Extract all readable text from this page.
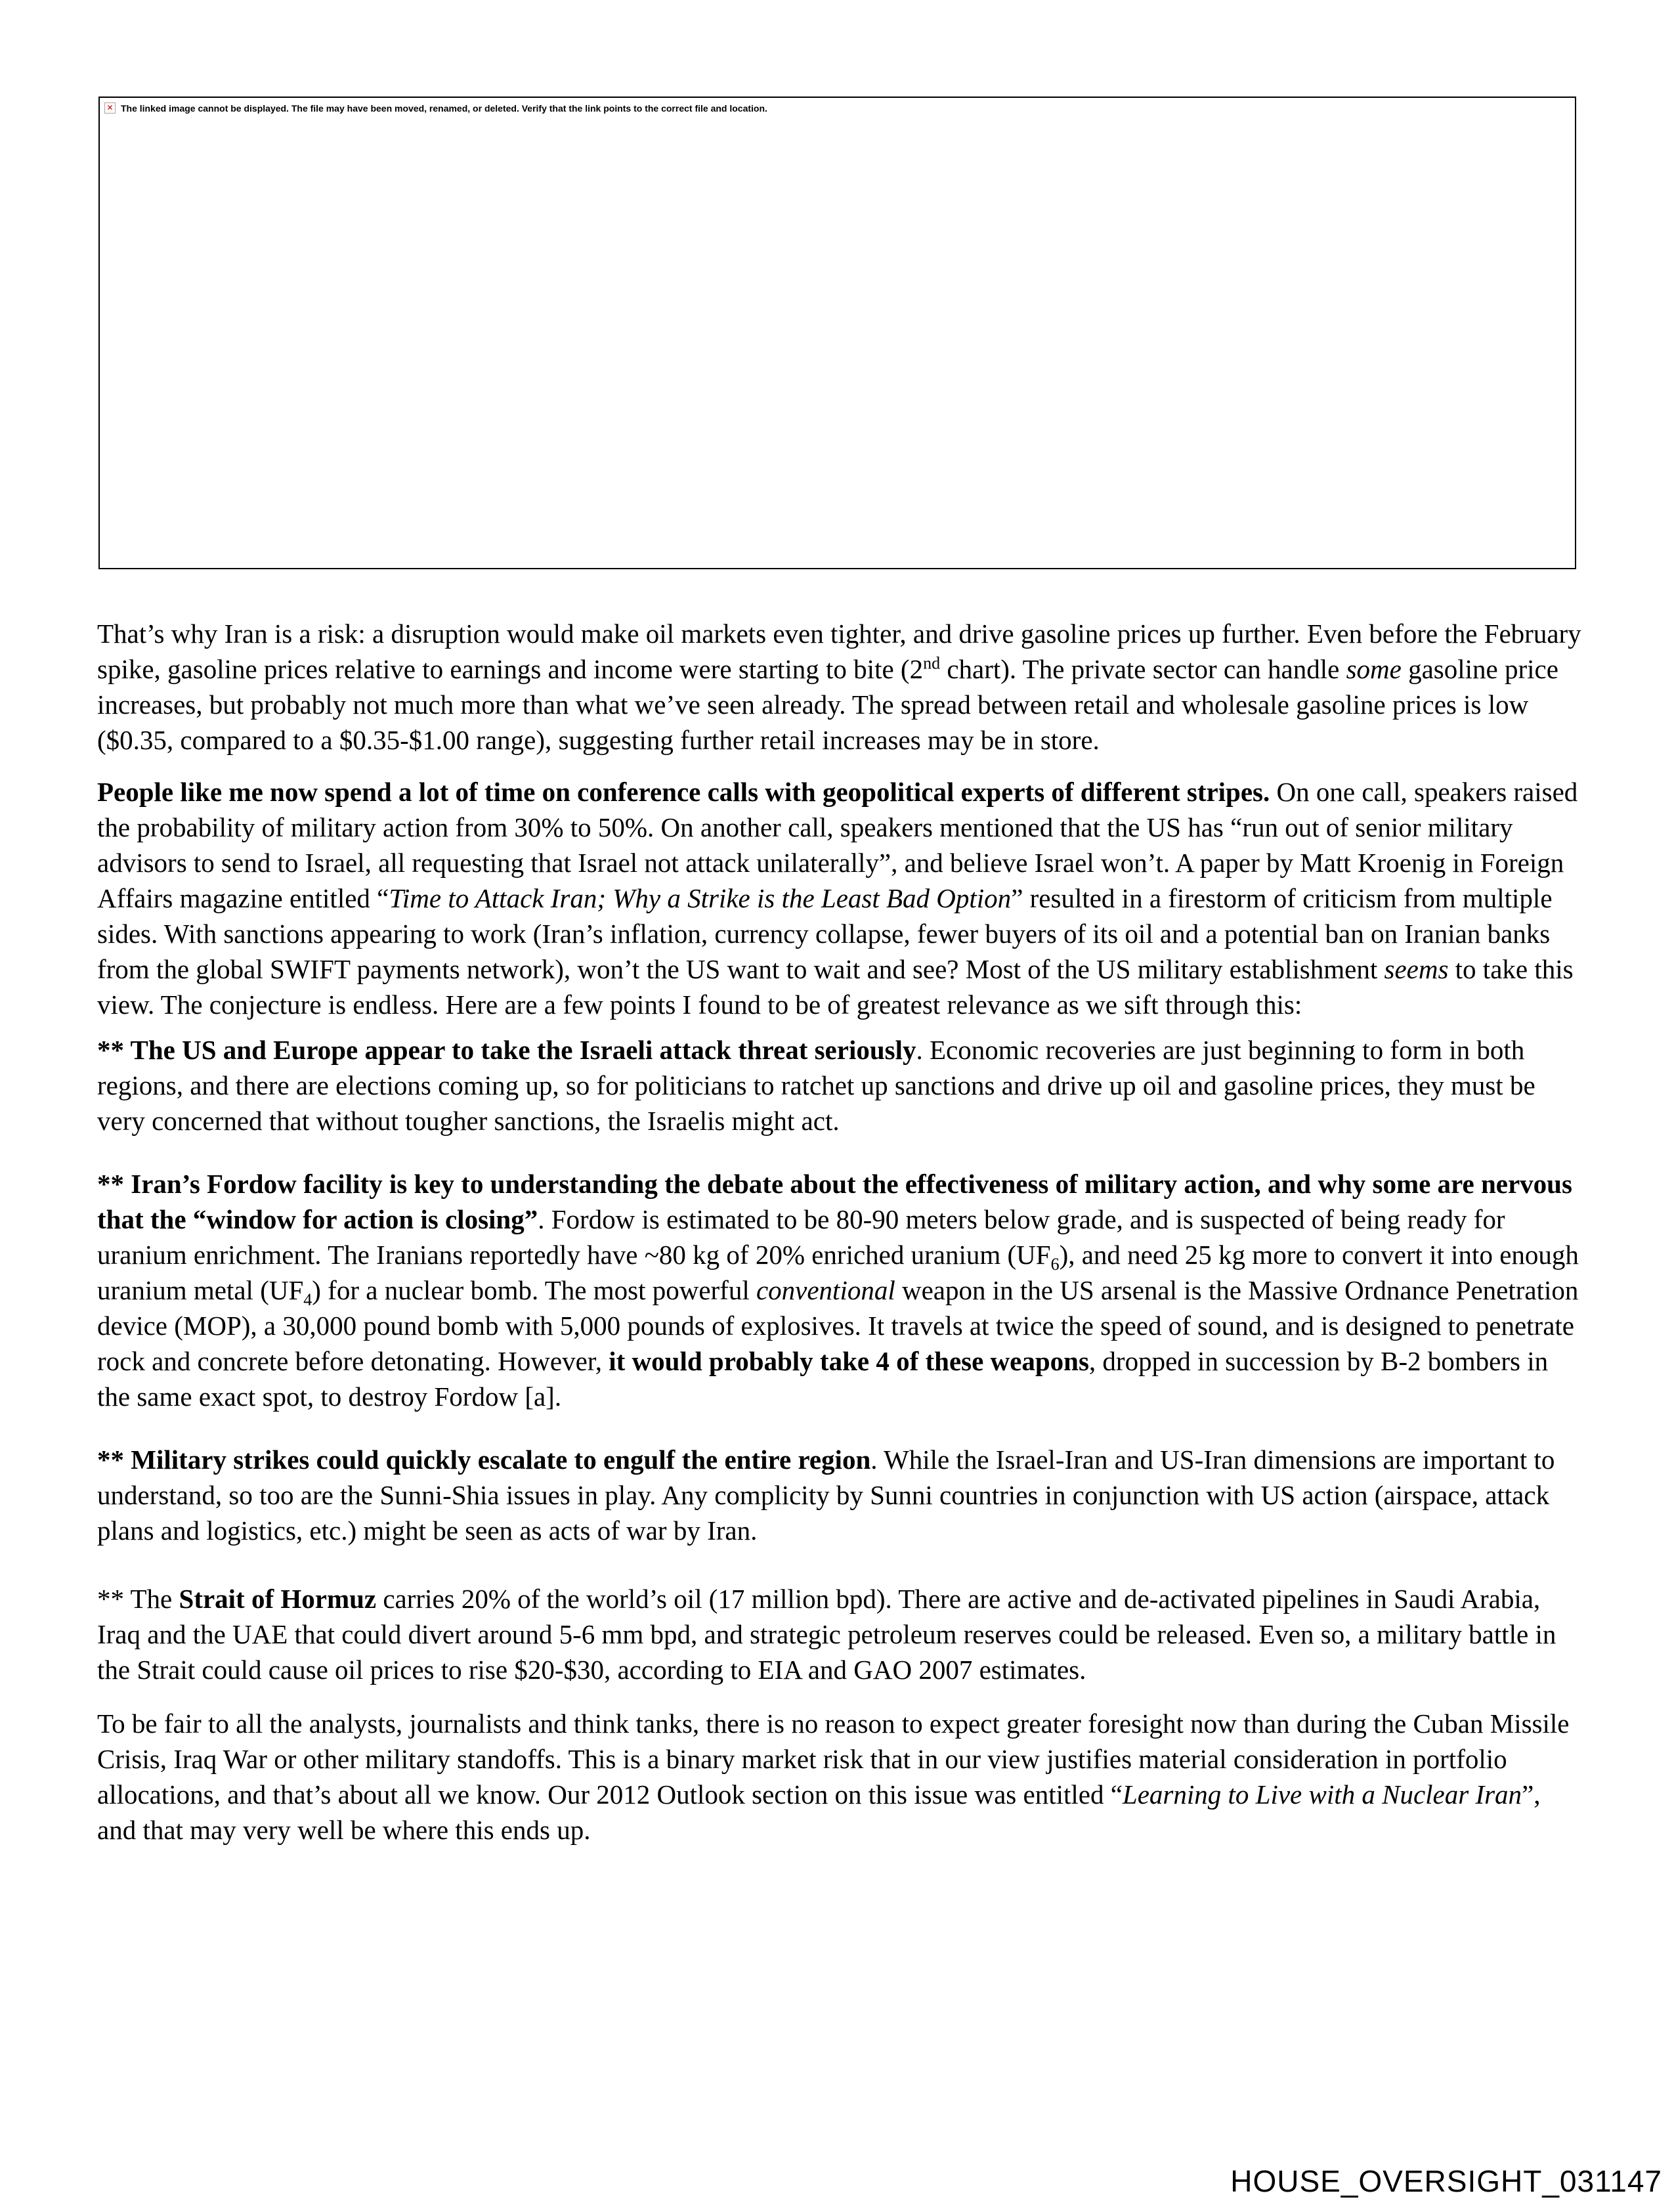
✕ The linked image cannot be displayed. The file may have been moved, renamed, or deleted. Verify that the link points to the correct file and location.

That’s why Iran is a risk: a disruption would make oil markets even tighter, and drive gasoline prices up further. Even before the February spike, gasoline prices relative to earnings and income were starting to bite (2nd chart). The private sector can handle some gasoline price increases, but probably not much more than what we’ve seen already. The spread between retail and wholesale gasoline prices is low ($0.35, compared to a $0.35-$1.00 range), suggesting further retail increases may be in store.

People like me now spend a lot of time on conference calls with geopolitical experts of different stripes. On one call, speakers raised the probability of military action from 30% to 50%. On another call, speakers mentioned that the US has “run out of senior military advisors to send to Israel, all requesting that Israel not attack unilaterally”, and believe Israel won’t. A paper by Matt Kroenig in Foreign Affairs magazine entitled “Time to Attack Iran; Why a Strike is the Least Bad Option” resulted in a firestorm of criticism from multiple sides. With sanctions appearing to work (Iran’s inflation, currency collapse, fewer buyers of its oil and a potential ban on Iranian banks from the global SWIFT payments network), won’t the US want to wait and see? Most of the US military establishment seems to take this view. The conjecture is endless. Here are a few points I found to be of greatest relevance as we sift through this:

** The US and Europe appear to take the Israeli attack threat seriously. Economic recoveries are just beginning to form in both regions, and there are elections coming up, so for politicians to ratchet up sanctions and drive up oil and gasoline prices, they must be very concerned that without tougher sanctions, the Israelis might act.

** Iran’s Fordow facility is key to understanding the debate about the effectiveness of military action, and why some are nervous that the “window for action is closing”. Fordow is estimated to be 80-90 meters below grade, and is suspected of being ready for uranium enrichment. The Iranians reportedly have ~80 kg of 20% enriched uranium $(UF_6)$, and need 25 kg more to convert it into enough uranium metal $(UF_4)$ for a nuclear bomb. The most powerful conventional weapon in the US arsenal is the Massive Ordnance Penetration device (MOP), a 30,000 pound bomb with 5,000 pounds of explosives. It travels at twice the speed of sound, and is designed to penetrate rock and concrete before detonating. However, it would probably take 4 of these weapons, dropped in succession by B-2 bombers in the same exact spot, to destroy Fordow [a].

** Military strikes could quickly escalate to engulf the entire region. While the Israel-Iran and US-Iran dimensions are important to understand, so too are the Sunni-Shia issues in play. Any complicity by Sunni countries in conjunction with US action (airspace, attack plans and logistics, etc.) might be seen as acts of war by Iran.

** The Strait of Hormuz carries 20% of the world’s oil (17 million bpd). There are active and de-activated pipelines in Saudi Arabia, Iraq and the UAE that could divert around 5-6 mm bpd, and strategic petroleum reserves could be released. Even so, a military battle in the Strait could cause oil prices to rise $20-$30, according to EIA and GAO 2007 estimates.

To be fair to all the analysts, journalists and think tanks, there is no reason to expect greater foresight now than during the Cuban Missile Crisis, Iraq War or other military standoffs. This is a binary market risk that in our view justifies material consideration in portfolio allocations, and that’s about all we know. Our 2012 Outlook section on this issue was entitled “Learning to Live with a Nuclear Iran”, and that may very well be where this ends up.

HOUSE_OVERSIGHT_031147
